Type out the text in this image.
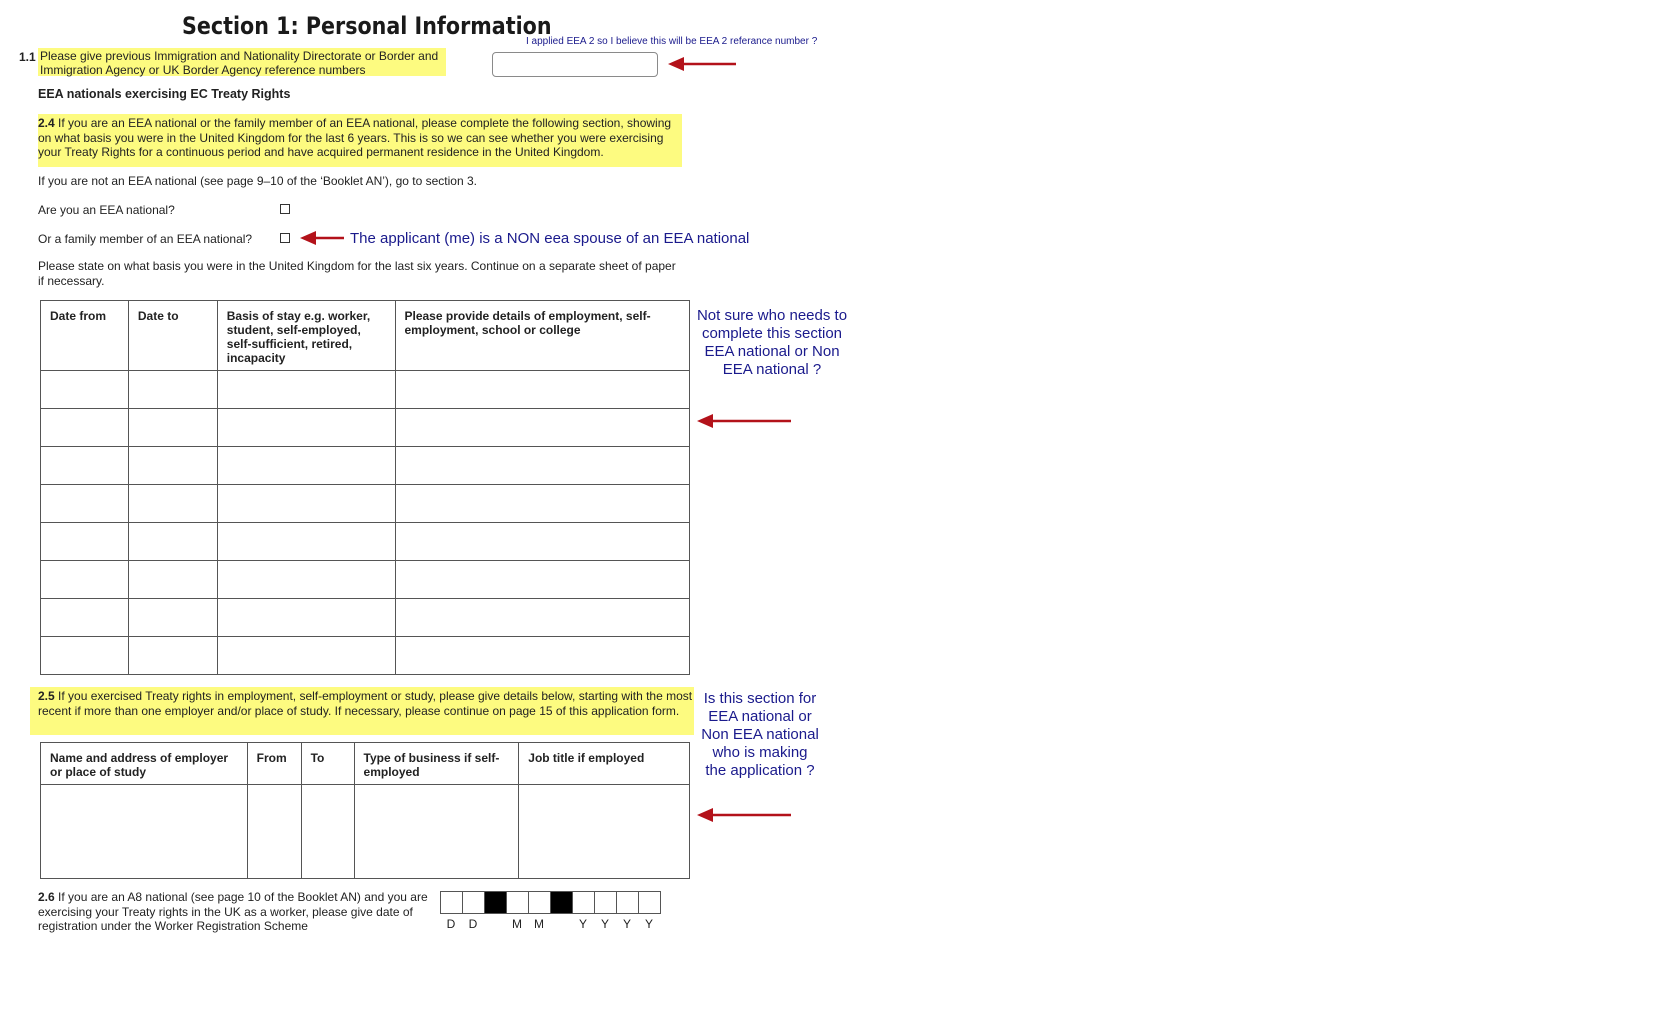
Section 1: Personal Information
1.1 Please give previous Immigration and Nationality Directorate or Border and Immigration Agency or UK Border Agency reference numbers
I applied EEA 2 so I believe this will be EEA 2 referance number ?
EEA nationals exercising EC Treaty Rights
2.4 If you are an EEA national or the family member of an EEA national, please complete the following section, showing on what basis you were in the United Kingdom for the last 6 years. This is so we can see whether you were exercising your Treaty Rights for a continuous period and have acquired permanent residence in the United Kingdom.
If you are not an EEA national (see page 9–10 of the ‘Booklet AN’), go to section 3.
Are you an EEA national?
Or a family member of an EEA national?	The applicant (me) is a NON eea spouse of an EEA national
Please state on what basis you were in the United Kingdom for the last six years. Continue on a separate sheet of paper if necessary.
Date from	Date to	Basis of stay e.g. worker, student, self-employed, self-sufficient, retired, incapacity	Please provide details of employment, self-employment, school or college

Not sure who needs to complete this section EEA national or Non EEA national ?
2.5 If you exercised Treaty rights in employment, self-employment or study, please give details below, starting with the most recent if more than one employer and/or place of study. If necessary, please continue on page 15 of this application form.
Name and address of employer or place of study	From	To	Type of business if self-employed	Job title if employed

Is this section for EEA national or Non EEA national who is making the application ?
2.6 If you are an A8 national (see page 10 of the Booklet AN) and you are exercising your Treaty rights in the UK as a worker, please give date of registration under the Worker Registration Scheme	D	D	M	M	Y	Y	Y	Y
